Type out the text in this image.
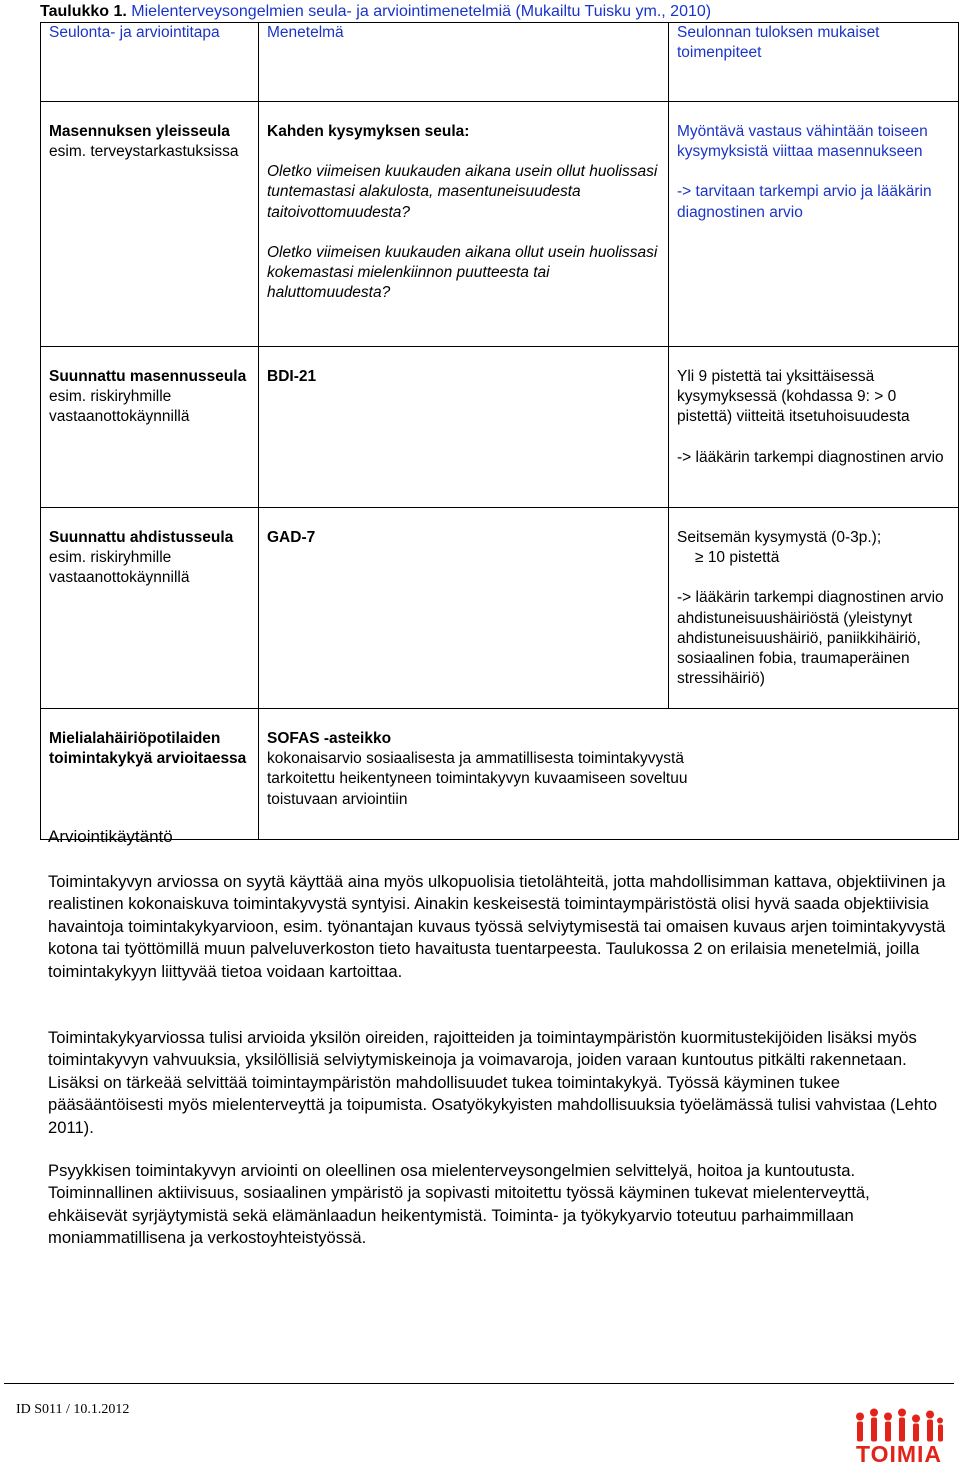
Taulukko 1. Mielenterveysongelmien seula- ja arviointimenetelmiä (Mukailtu Tuisku ym., 2010)
Seulonta- ja arviointitapa	Menetelmä	Seulonnan tuloksen mukaiset toimenpiteet

Masennuksen yleisseula
esim. terveystarkastuksissa	Kahden kysymyksen seula:
Oletko viimeisen kuukauden aikana usein ollut huolissasi tuntemastasi alakulosta, masentuneisuudesta taitoivottomuudesta?
Oletko viimeisen kuukauden aikana ollut usein huolissasi kokemastasi mielenkiinnon puutteesta tai haluttomuudesta?	Myöntävä vastaus vähintään toiseen kysymyksistä viittaa masennukseen
-> tarvitaan tarkempi arvio ja lääkärin diagnostinen arvio

Suunnattu masennusseula
esim. riskiryhmille vastaanottokäynnillä	BDI-21	Yli 9 pistettä tai yksittäisessä kysymyksessä (kohdassa 9: > 0 pistettä) viitteitä itsetuhoisuudesta
-> lääkärin tarkempi diagnostinen arvio

Suunnattu ahdistusseula
esim. riskiryhmille vastaanottokäynnillä	GAD-7	Seitsemän kysymystä (0-3p.);
≥ 10 pistettä
-> lääkärin tarkempi diagnostinen arvio ahdistuneisuushäiriöstä (yleistynyt ahdistuneisuushäiriö, paniikkihäiriö, sosiaalinen fobia, traumaperäinen stressihäiriö)

Mielialahäiriöpotilaiden toimintakykyä arvioitaessa	SOFAS -asteikko
kokonaisarvio sosiaalisesta ja ammatillisesta toimintakyvystä tarkoitettu heikentyneen toimintakyvyn kuvaamiseen soveltuu toistuvaan arviointiin	
Arviointikäytäntö
Toimintakyvyn arviossa on syytä käyttää aina myös ulkopuolisia tietolähteitä, jotta mahdollisimman kattava, objektiivinen ja realistinen kokonaiskuva toimintakyvystä syntyisi. Ainakin keskeisestä toimintaympäristöstä olisi hyvä saada objektiivisia havaintoja toimintakykyarvioon, esim. työnantajan kuvaus työssä selviytymisestä tai omaisen kuvaus arjen toimintakyvystä kotona tai työttömillä muun palveluverkoston tieto havaitusta tuentarpeesta. Taulukossa 2 on erilaisia menetelmiä, joilla toimintakykyyn liittyvää tietoa voidaan kartoittaa.
Toimintakykyarviossa tulisi arvioida yksilön oireiden, rajoitteiden ja toimintaympäristön kuormitustekijöiden lisäksi myös toimintakyvyn vahvuuksia, yksilöllisiä selviytymiskeinoja ja voimavaroja, joiden varaan kuntoutus pitkälti rakennetaan. Lisäksi on tärkeää selvittää toimintaympäristön mahdollisuudet tukea toimintakykyä. Työssä käyminen tukee pääsääntöisesti myös mielenterveyttä ja toipumista. Osatyökykyisten mahdollisuuksia työelämässä tulisi vahvistaa (Lehto 2011).
Psyykkisen toimintakyvyn arviointi on oleellinen osa mielenterveysongelmien selvittelyä, hoitoa ja kuntoutusta. Toiminnallinen aktiivisuus, sosiaalinen ympäristö ja sopivasti mitoitettu työssä käyminen tukevat mielenterveyttä, ehkäisevät syrjäytymistä sekä elämänlaadun heikentymistä. Toiminta- ja työkykyarvio toteutuu parhaimmillaan moniammatillisena ja verkostoyhteistyössä.
ID S011 / 10.1.2012
TOIMIA
